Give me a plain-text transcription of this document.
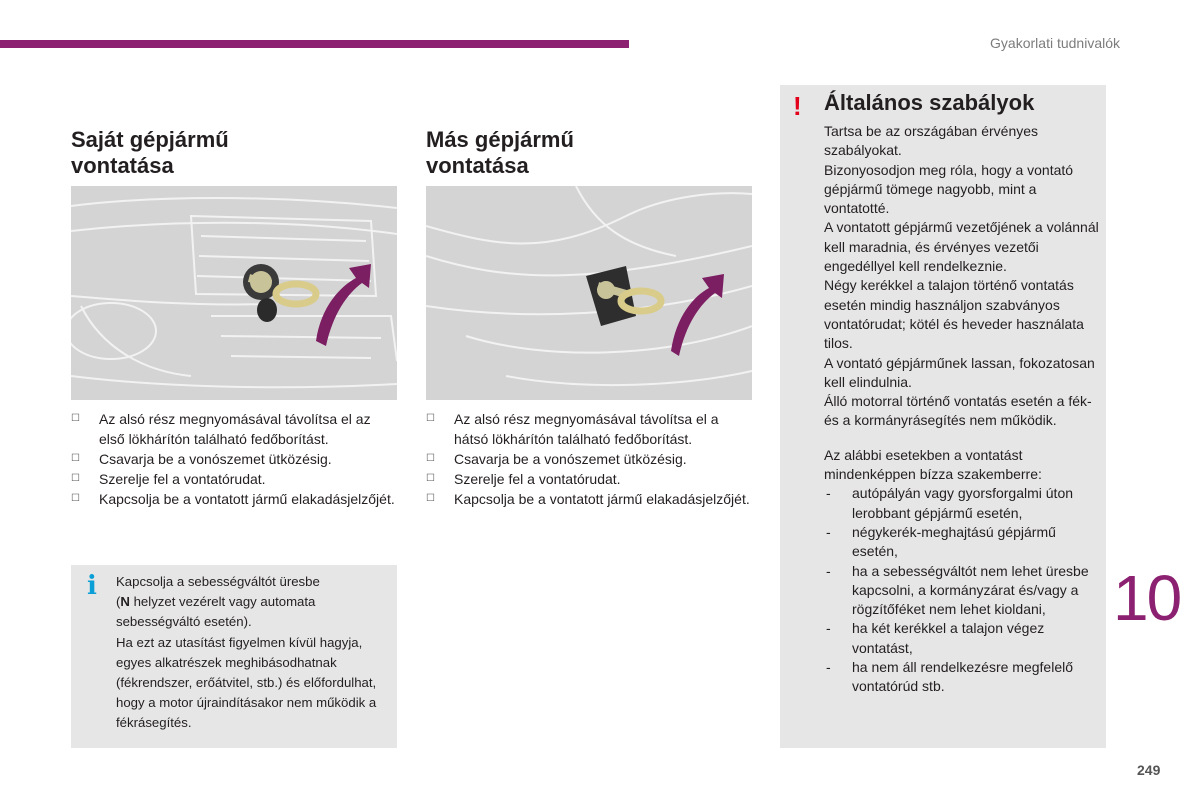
Gyakorlati tudnivalók
Saját gépjármű
vontatása
☐ Az alsó rész megnyomásával távolítsa el az első lökhárítón található fedőborítást.
☐ Csavarja be a vonószemet ütközésig.
☐ Szerelje fel a vontatórudat.
☐ Kapcsolja be a vontatott jármű elakadásjelzőjét.
i Kapcsolja a sebességváltót üresbe
(N helyzet vezérelt vagy automata sebességváltó esetén).
Ha ezt az utasítást figyelmen kívül hagyja, egyes alkatrészek meghibásodhatnak (fékrendszer, erőátvitel, stb.) és előfordulhat, hogy a motor újraindításakor nem működik a fékrásegítés.
Más gépjármű
vontatása
☐ Az alsó rész megnyomásával távolítsa el a hátsó lökhárítón található fedőborítást.
☐ Csavarja be a vonószemet ütközésig.
☐ Szerelje fel a vontatórudat.
☐ Kapcsolja be a vontatott jármű elakadásjelzőjét.
! Általános szabályok

Tartsa be az országában érvényes szabályokat.

Bizonyosodjon meg róla, hogy a vontató gépjármű tömege nagyobb, mint a vontatotté.

A vontatott gépjármű vezetőjének a volánnál kell maradnia, és érvényes vezetői engedéllyel kell rendelkeznie.

Négy kerékkel a talajon történő vontatás esetén mindig használjon szabványos vontatórudat; kötél és heveder használata tilos.

A vontató gépjárműnek lassan, fokozatosan kell elindulnia.

Álló motorral történő vontatás esetén a fék- és a kormányrásegítés nem működik.

Az alábbi esetekben a vontatást mindenképpen bízza szakemberre:

- autópályán vagy gyorsforgalmi úton lerobbant gépjármű esetén,

- négykerék-meghajtású gépjármű esetén,

- ha a sebességváltót nem lehet üresbe kapcsolni, a kormányzárat és/vagy a rögzítőféket nem lehet kioldani,

- ha két kerékkel a talajon végez vontatást,

- ha nem áll rendelkezésre megfelelő vontatórúd stb.

10
249
